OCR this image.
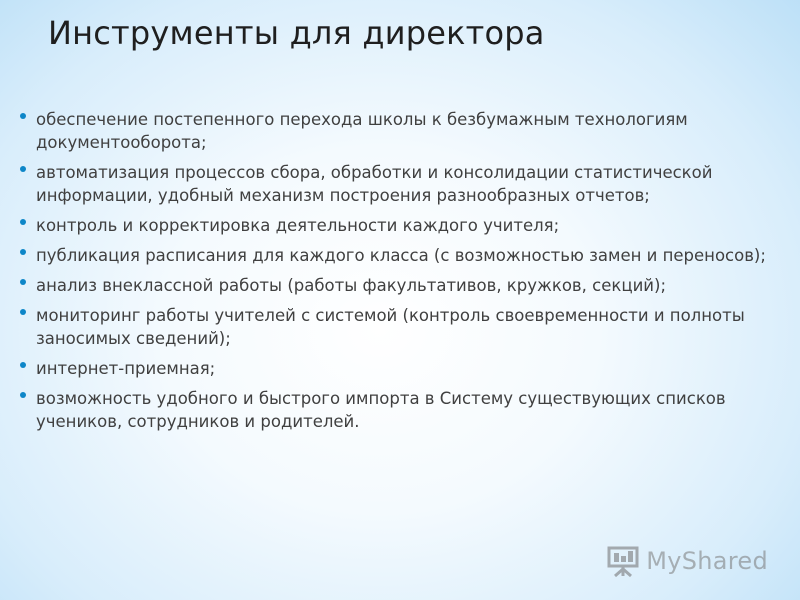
Инструменты для директора
обеспечение постепенного перехода школы к безбумажным технологиям документооборота;
автоматизация процессов сбора, обработки и консолидации статистической информации, удобный механизм построения разнообразных отчетов;
контроль и корректировка деятельности каждого учителя;
публикация расписания для каждого класса (с возможностью замен и переносов);
анализ внеклассной работы (работы факультативов, кружков, секций);
мониторинг работы учителей с системой (контроль своевременности и полноты заносимых сведений);
интернет-приемная;
возможность удобного и быстрого импорта в Систему существующих списков учеников, сотрудников и родителей.
MyShared
